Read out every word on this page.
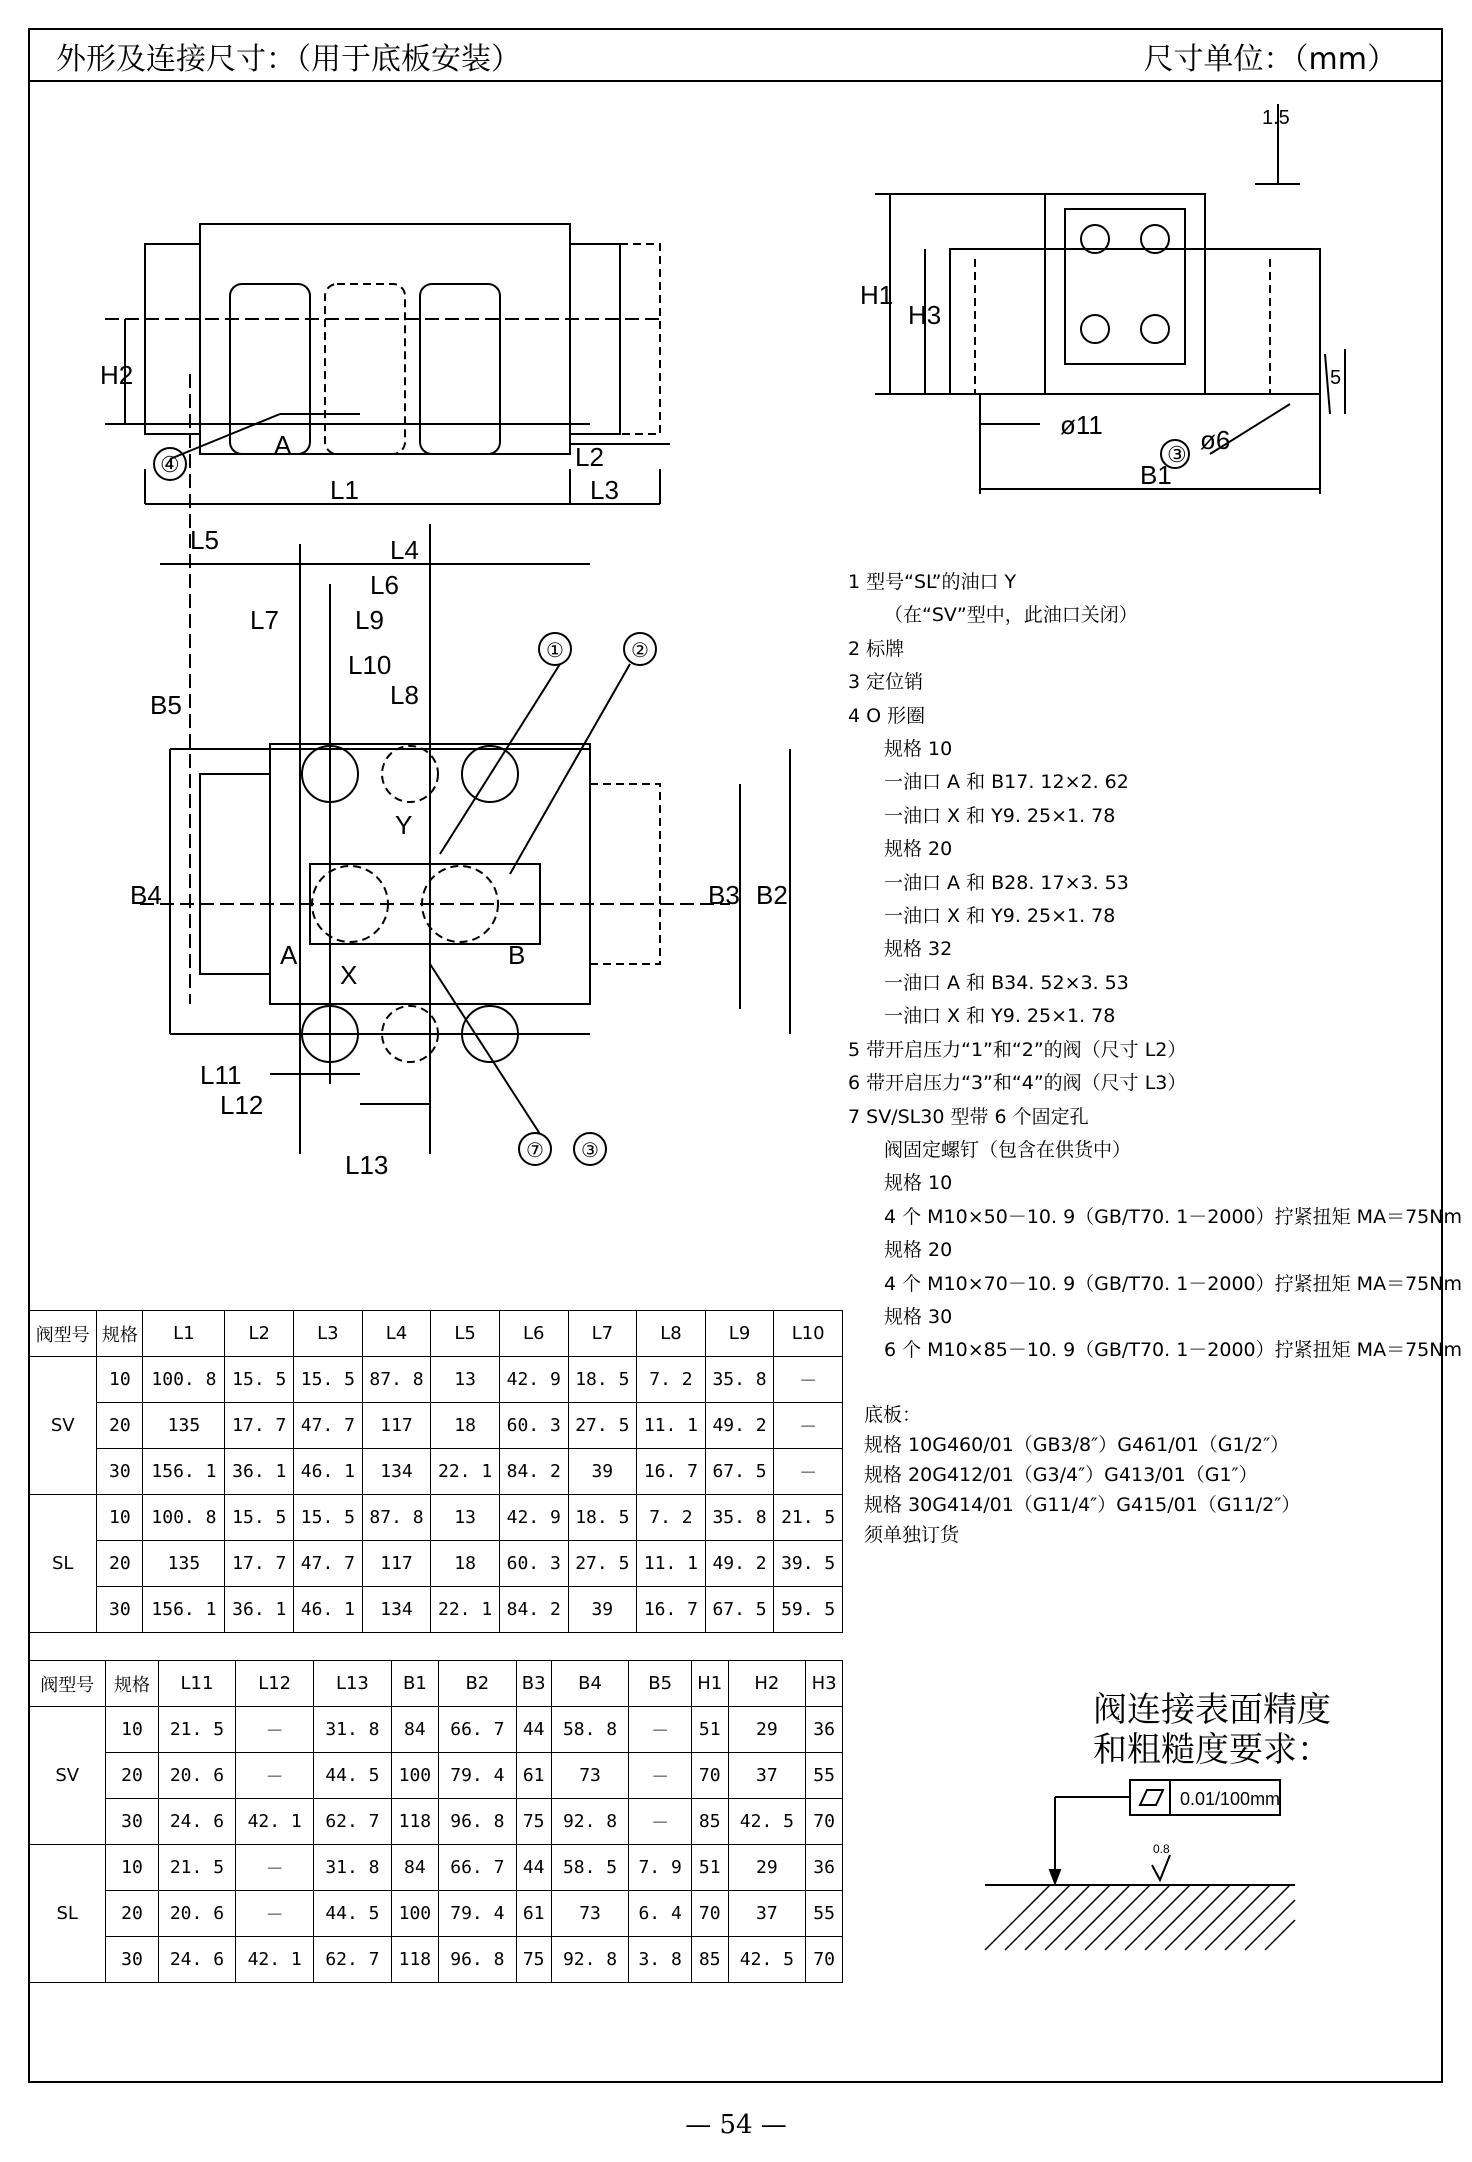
外形及连接尺寸：（用于底板安装）	尺寸单位：（mm）
H2
L1
L2
L3
A
④
1.5
H1
H3
5
ø11
③ ø6
B1
L5	L4
L6
L7	L9
L10
L8
B5
B4
Y
A
X
B
B3 B2
L11
L12
L13
①	②
⑦ ③
1 型号“SL”的油口 Y
（在“SV”型中，此油口关闭）
2 标牌
3 定位销
4 O 形圈
规格 10
一油口 A 和 B17. 12×2. 62
一油口 X 和 Y9. 25×1. 78
规格 20
一油口 A 和 B28. 17×3. 53
一油口 X 和 Y9. 25×1. 78
规格 32
一油口 A 和 B34. 52×3. 53
一油口 X 和 Y9. 25×1. 78
5 带开启压力“1”和“2”的阀（尺寸 L2）
6 带开启压力“3”和“4”的阀（尺寸 L3）
7 SV/SL30 型带 6 个固定孔
阀固定螺钉（包含在供货中）
规格 10
4 个 M10×50－10. 9（GB/T70. 1－2000）拧紧扭矩 MA＝75Nm
规格 20
4 个 M10×70－10. 9（GB/T70. 1－2000）拧紧扭矩 MA＝75Nm
规格 30
6 个 M10×85－10. 9（GB/T70. 1－2000）拧紧扭矩 MA＝75Nm
阀型号	规格	L1	L2	L3	L4	L5	L6	L7	L8	L9	L10
SV	10	100. 8	15. 5	15. 5	87. 8	13	42. 9	18. 5	7. 2	35. 8	－
	20	135	17. 7	47. 7	117	18	60. 3	27. 5	11. 1	49. 2	－
	30	156. 1	36. 1	46. 1	134	22. 1	84. 2	39	16. 7	67. 5	－
SL	10	100. 8	15. 5	15. 5	87. 8	13	42. 9	18. 5	7. 2	35. 8	21. 5
	20	135	17. 7	47. 7	117	18	60. 3	27. 5	11. 1	49. 2	39. 5
	30	156. 1	36. 1	46. 1	134	22. 1	84. 2	39	16. 7	67. 5	59. 5
底板：
规格 10G460/01（GB3/8″）G461/01（G1/2″）
规格 20G412/01（G3/4″）G413/01（G1″）
规格 30G414/01（G11/4″）G415/01（G11/2″）
须单独订货
阀型号	规格	L11	L12	L13	B1	B2	B3	B4	B5	H1	H2	H3
SV	10	21. 5	－	31. 8	84	66. 7	44	58. 8	－	51	29	36
	20	20. 6	－	44. 5	100	79. 4	61	73	－	70	37	55
	30	24. 6	42. 1	62. 7	118	96. 8	75	92. 8	－	85	42. 5	70
SL	10	21. 5	－	31. 8	84	66. 7	44	58. 5	7. 9	51	29	36
	20	20. 6	－	44. 5	100	79. 4	61	73	6. 4	70	37	55
	30	24. 6	42. 1	62. 7	118	96. 8	75	92. 8	3. 8	85	42. 5	70
阀连接表面精度
和粗糙度要求：
0.01/100mm
0.8
— 54 —
